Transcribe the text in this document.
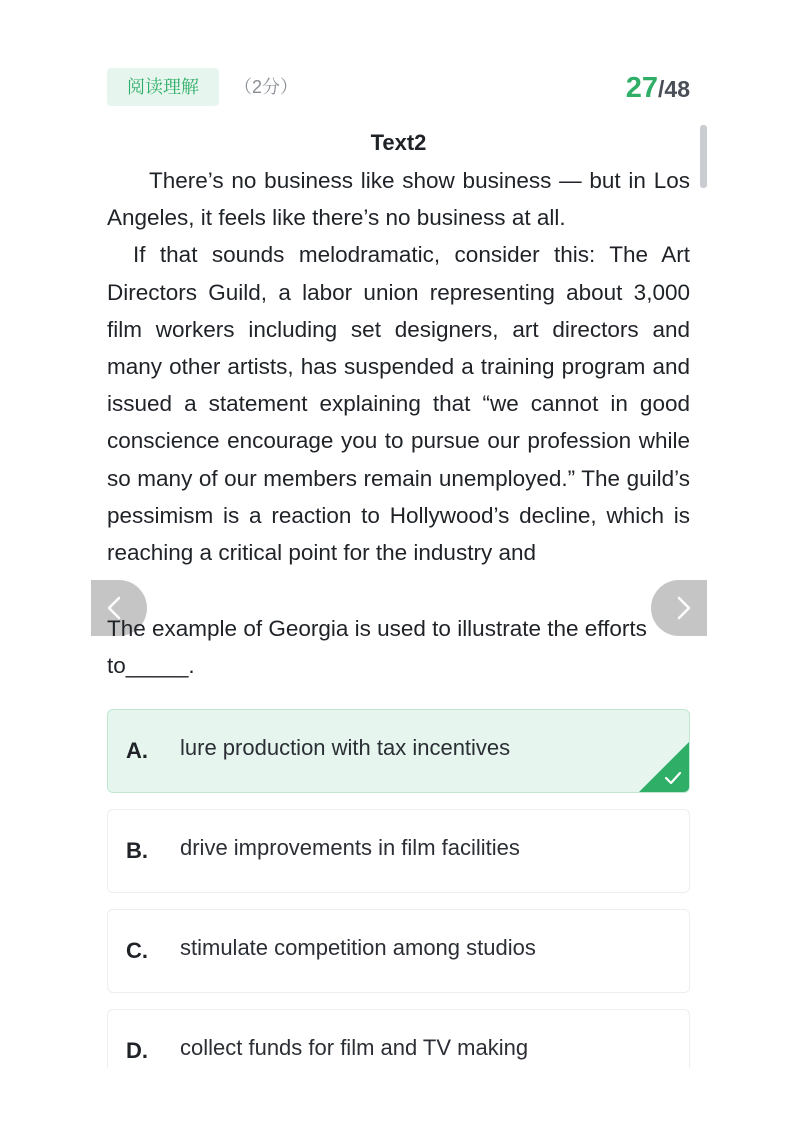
阅读理解	（2分）	27/48
Text2

There’s no business like show business — but in Los Angeles, it feels like there’s no business at all.

If that sounds melodramatic, consider this: The Art Directors Guild, a labor union representing about 3,000 film workers including set designers, art directors and many other artists, has suspended a training program and issued a statement explaining that “we cannot in good conscience encourage you to pursue our profession while so many of our members remain unemployed.” The guild’s pessimism is a reaction to Hollywood’s decline, which is reaching a critical point for the industry and

The example of Georgia is used to illustrate the efforts to_____.
A. lure production with tax incentives
B. drive improvements in film facilities
C. stimulate competition among studios
D. collect funds for film and TV making
